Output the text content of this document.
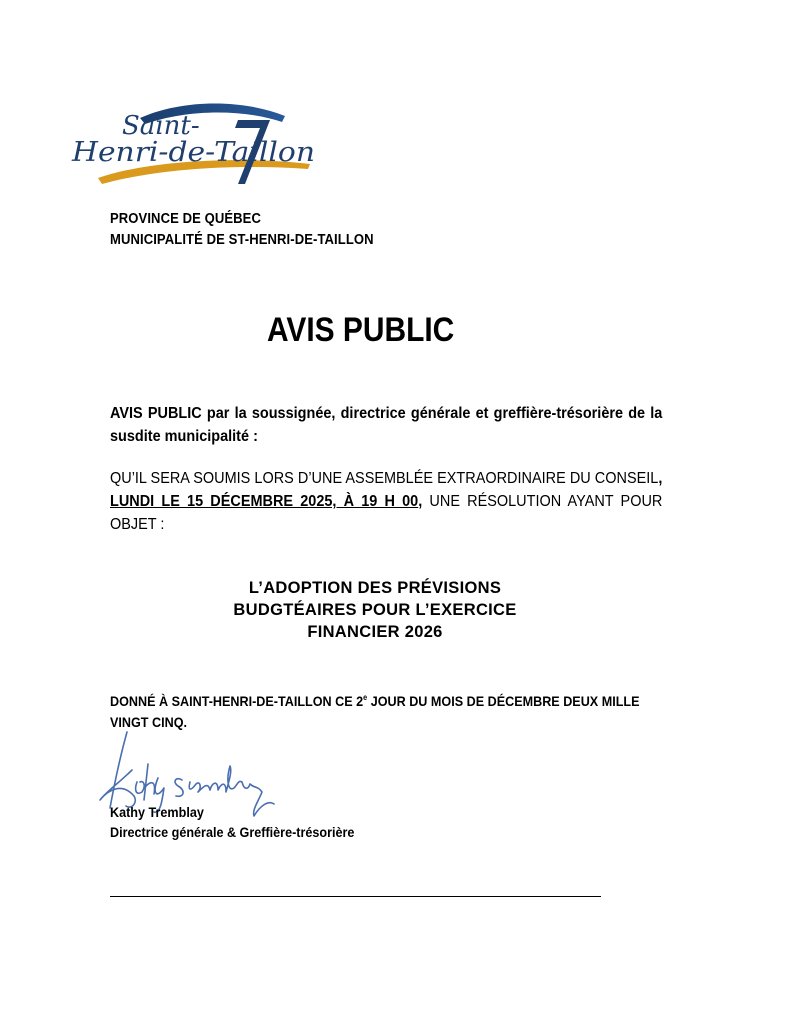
Saint-
Henri-de-Taillon
PROVINCE DE QUÉBEC
MUNICIPALITÉ DE ST-HENRI-DE-TAILLON
AVIS PUBLIC
AVIS PUBLIC par la soussignée, directrice générale et greffière-trésorière de la susdite municipalité :
QU’IL SERA SOUMIS LORS D’UNE ASSEMBLÉE EXTRAORDINAIRE DU CONSEIL, LUNDI LE 15 DÉCEMBRE 2025, À 19 H 00, UNE RÉSOLUTION AYANT POUR OBJET :
L’ADOPTION DES PRÉVISIONS
BUDGTÉAIRES POUR L’EXERCICE
FINANCIER 2026
DONNÉ À SAINT-HENRI-DE-TAILLON CE 2e JOUR DU MOIS DE DÉCEMBRE DEUX MILLE VINGT CINQ.
Kathy Tremblay
Directrice générale & Greffière-trésorière
